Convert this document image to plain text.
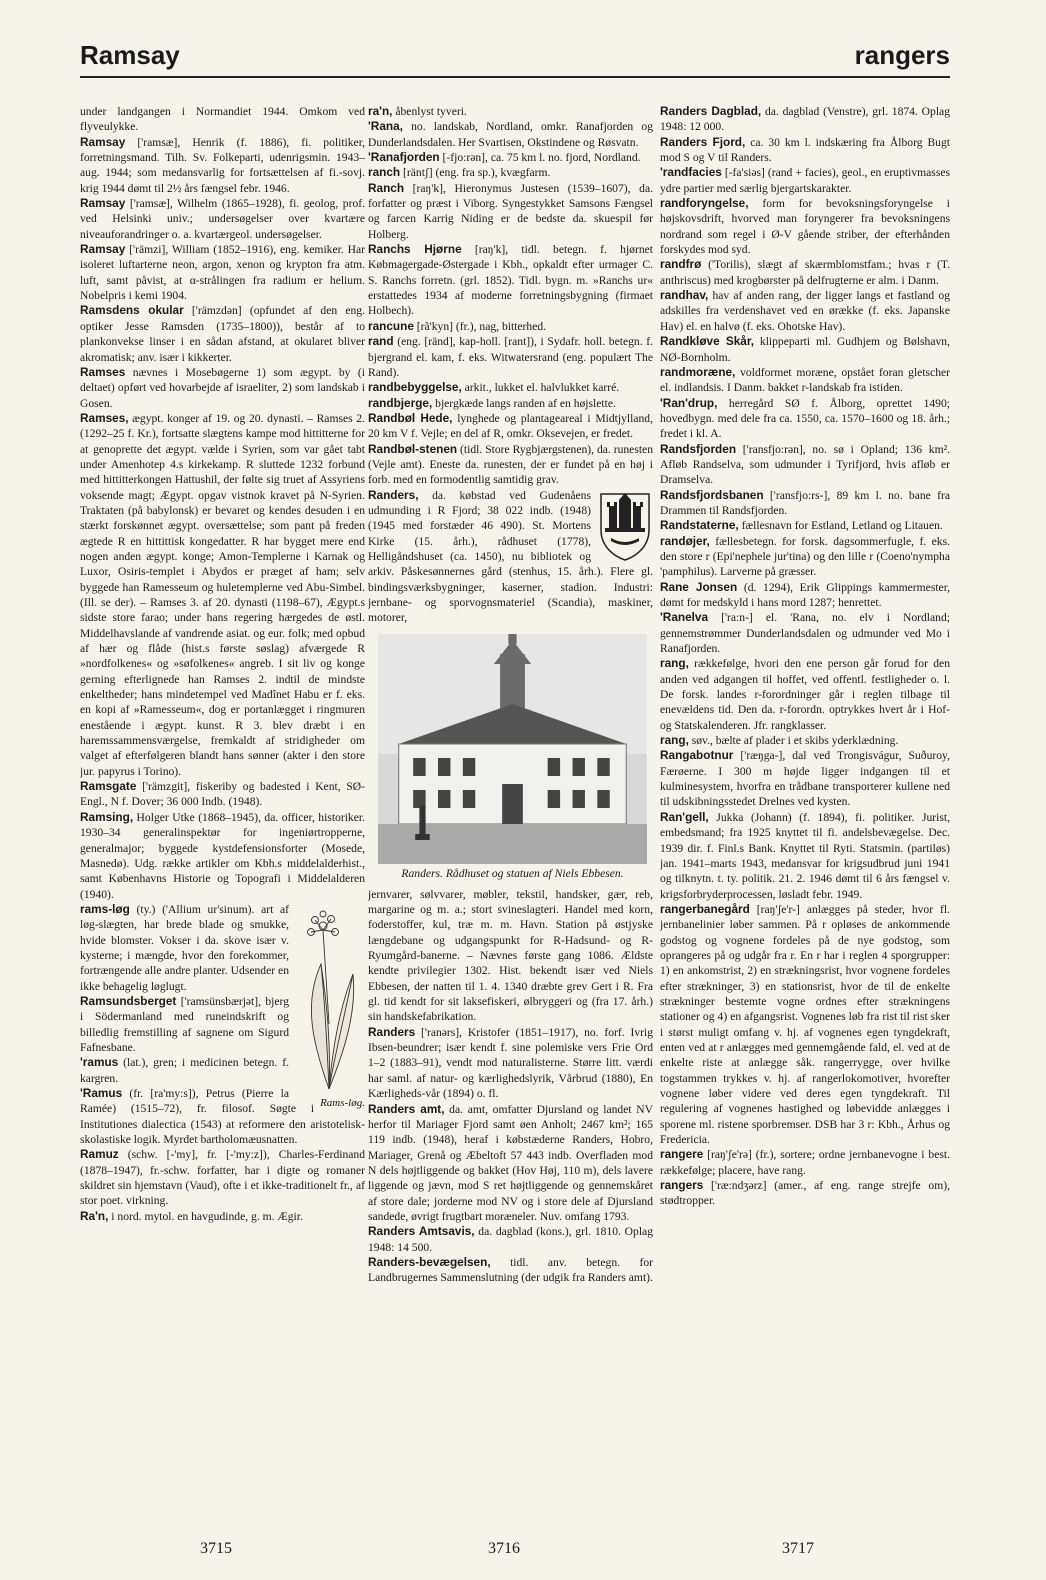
Ramsay	rangers

under landgangen i Normandiet 1944. Omkom ved flyveulykke.

Ramsay ['ramsæ], Henrik (f. 1886), fi. politiker, forretningsmand. Tilh. Sv. Folkeparti, udenrigsmin. 1943–aug. 1944; som medansvarlig for fortsættelsen af fi.-sovj. krig 1944 dømt til 2½ års fængsel febr. 1946.

Ramsay ['ramsæ], Wilhelm (1865–1928), fi. geolog, prof. ved Helsinki univ.; undersøgelser over kvartære niveauforandringer o. a. kvartærgeol. undersøgelser.

Ramsay ['rämzi], William (1852–1916), eng. kemiker. Har isoleret luftarterne neon, argon, xenon og krypton fra atm. luft, samt påvist, at α-strålingen fra radium er helium. Nobelpris i kemi 1904.

Ramsdens okular ['rämzdən] (opfundet af den eng. optiker Jesse Ramsden (1735–1800)), består af to plankonvekse linser i en sådan afstand, at okularet bliver akromatisk; anv. især i kikkerter.

Ramses nævnes i Mosebøgerne 1) som ægypt. by (i deltaet) opført ved hovarbejde af israeliter, 2) som landskab i Gosen.

Ramses, ægypt. konger af 19. og 20. dynasti. – Ramses 2. (1292–25 f. Kr.), fortsatte slægtens kampe mod hittitterne for at genoprette det ægypt. vælde i Syrien, som var gået tabt under Amenhotep 4.s kirkekamp. R sluttede 1232 forbund med hittitterkongen Hattushil, der følte sig truet af Assyriens voksende magt; Ægypt. opgav vistnok kravet på N-Syrien. Traktaten (på babylonsk) er bevaret og kendes desuden i en stærkt forskønnet ægypt. oversættelse; som pant på freden ægtede R en hittittisk kongedatter. R har bygget mere end nogen anden ægypt. konge; Amon-Templerne i Karnak og Luxor, Osiris-templet i Abydos er præget af ham; selv byggede han Ramesseum og huletemplerne ved Abu-Simbel. (Ill. se der). – Ramses 3. af 20. dynasti (1198–67), Ægypt.s sidste store farao; under hans regering hærgedes de østl. Middelhavslande af vandrende asiat. og eur. folk; med opbud af hær og flåde (hist.s første søslag) afværgede R »nordfolkenes« og »søfolkenes« angreb. I sit liv og konge gerning efterlignede han Ramses 2. indtil de mindste enkeltheder; hans mindetempel ved Madînet Habu er f. eks. en kopi af »Ramesseum«, dog er portanlægget i ringmuren enestående i ægypt. kunst. R 3. blev dræbt i en haremssammensværgelse, fremkaldt af stridigheder om valget af efterfølgeren blandt hans sønner (akter i den store jur. papyrus i Torino).

Ramsgate ['rämzgit], fiskeriby og badested i Kent, SØ-Engl., N f. Dover; 36 000 Indb. (1948).

Ramsing, Holger Utke (1868–1945), da. officer, historiker. 1930–34 generalinspektør for ingeniørtropperne, generalmajor; byggede kystdefensionsforter (Mosede, Masnedø). Udg. række artikler om Kbh.s middelalderhist., samt Københavns Historie og Topografi i Middelalderen (1940).

rams-løg (ty.) ('Allium ur'sinum). art af løg-slægten, har brede blade og smukke, hvide blomster. Vokser i da. skove især v. kysterne; i mængde, hvor den forekommer, fortrængende alle andre planter. Udsender en ikke behagelig løglugt.

Ramsundsberget ['ramsünsbærjət], bjerg i Södermanland med runeindskrift og billedlig fremstilling af sagnene om Sigurd Fafnesbane.

Rams-løg.

'ramus (lat.), gren; i medicinen betegn. f. kargren.

'Ramus (fr. [ra'my:s]), Petrus (Pierre la Ramée) (1515–72), fr. filosof. Søgte i Institutiones dialectica (1543) at reformere den aristotelisk-skolastiske logik. Myrdet bartholomæusnatten.

Ramuz (schw. [-'my], fr. [-'my:z]), Charles-Ferdinand (1878–1947), fr.-schw. forfatter, har i digte og romaner skildret sin hjemstavn (Vaud), ofte i et ikke-traditionelt fr., af stor poet. virkning.

Ra'n, i nord. mytol. en havgudinde, g. m. Ægir.

ra'n, åbenlyst tyveri.

'Rana, no. landskab, Nordland, omkr. Ranafjorden og Dunderlandsdalen. Her Svartisen, Okstindene og Røsvatn.

'Ranafjorden [-fjo:rən], ca. 75 km l. no. fjord, Nordland.

ranch [räntʃ] (eng. fra sp.), kvægfarm.

Ranch [raŋ'k], Hieronymus Justesen (1539–1607), da. forfatter og præst i Viborg. Syngestykket Samsons Fængsel og farcen Karrig Niding er de bedste da. skuespil før Holberg.

Ranchs Hjørne [raŋ'k], tidl. betegn. f. hjørnet Købmagergade-Østergade i Kbh., opkaldt efter urmager C. S. Ranchs forretn. (grl. 1852). Tidl. bygn. m. »Ranchs ur« erstattedes 1934 af moderne forretningsbygning (firmaet Holbech).

rancune [rã'kyn] (fr.), nag, bitterhed.

rand (eng. [ränd], kap-holl. [rant]), i Sydafr. holl. betegn. f. bjergrand el. kam, f. eks. Witwatersrand (eng. populært The Rand).

randbebyggelse, arkit., lukket el. halvlukket karré.

randbjerge, bjergkæde langs randen af en højslette.

Randbøl Hede, lynghede og plantageareal i Midtjylland, 20 km V f. Vejle; en del af R, omkr. Oksevejen, er fredet.

Randbøl-stenen (tidl. Store Rygbjærgstenen), da. runesten (Vejle amt). Eneste da. runesten, der er fundet på en høj i forb. med en formodentlig samtidig grav.

Randers, da. købstad ved Gudenåens udmunding i R Fjord; 38 022 indb. (1948) (1945 med forstæder 46 490). St. Mortens Kirke (15. årh.), rådhuset (1778), Helligåndshuset (ca. 1450), nu bibliotek og arkiv. Påskesønnernes gård (stenhus, 15. årh.). Flere gl. bindingsværksbygninger, kaserner, stadion. Industri: jernbane- og sporvognsmateriel (Scandia), maskiner, motorer,

Randers. Rådhuset og statuen af Niels Ebbesen.

jernvarer, sølvvarer, møbler, tekstil, handsker, gær, reb, margarine og m. a.; stort svineslagteri. Handel med korn, foderstoffer, kul, træ m. m. Havn. Station på østjyske længdebane og udgangspunkt for R-Hadsund- og R-Ryumgård-banerne. – Nævnes første gang 1086. Ældste kendte privilegier 1302. Hist. bekendt især ved Niels Ebbesen, der natten til 1. 4. 1340 dræbte grev Gert i R. Fra gl. tid kendt for sit laksefiskeri, ølbryggeri og (fra 17. årh.) sin handskefabrikation.

Randers ['ranərs], Kristofer (1851–1917), no. forf. Ivrig Ibsen-beundrer; især kendt f. sine polemiske vers Frie Ord 1–2 (1883–91), vendt mod naturalisterne. Større litt. værdi har saml. af natur- og kærlighedslyrik, Vårbrud (1880), En Kærligheds-vår (1894) o. fl.

Randers amt, da. amt, omfatter Djursland og landet NV herfor til Mariager Fjord samt øen Anholt; 2467 km²; 165 119 indb. (1948), heraf i købstæderne Randers, Hobro, Mariager, Grenå og Æbeltoft 57 443 indb. Overfladen mod N dels højtliggende og bakket (Hov Høj, 110 m), dels lavere liggende og jævn, mod S ret højtliggende og gennemskåret af store dale; jorderne mod NV og i store dele af Djursland sandede, øvrigt frugtbart moræneler. Nuv. omfang 1793.

Randers Amtsavis, da. dagblad (kons.), grl. 1810. Oplag 1948: 14 500.

Randers-bevægelsen, tidl. anv. betegn. for Landbrugernes Sammenslutning (der udgik fra Randers amt).

Randers Dagblad, da. dagblad (Venstre), grl. 1874. Oplag 1948: 12 000.

Randers Fjord, ca. 30 km l. indskæring fra Ålborg Bugt mod S og V til Randers.

'randfacies [-fa'siəs] (rand + facies), geol., en eruptivmasses ydre partier med særlig bjergartskarakter.

randforyngelse, form for bevoksningsforyngelse i højskovsdrift, hvorved man foryngerer fra bevoksningens nordrand som regel i Ø-V gående striber, der efterhånden forskydes mod syd.

randfrø ('Torilis), slægt af skærmblomstfam.; hvas r (T. anthriscus) med krogbørster på delfrugterne er alm. i Danm.

randhav, hav af anden rang, der ligger langs et fastland og adskilles fra verdenshavet ved en ørække (f. eks. Japanske Hav) el. en halvø (f. eks. Ohotske Hav).

Randkløve Skår, klippeparti ml. Gudhjem og Bølshavn, NØ-Bornholm.

randmoræne, voldformet moræne, opstået foran gletscher el. indlandsis. I Danm. bakket r-landskab fra istiden.

'Ran'drup, herregård SØ f. Ålborg, oprettet 1490; hovedbygn. med dele fra ca. 1550, ca. 1570–1600 og 18. årh.; fredet i kl. A.

Randsfjorden ['ransfjo:rən], no. sø i Opland; 136 km². Afløb Randselva, som udmunder i Tyrifjord, hvis afløb er Dramselva.

Randsfjordsbanen ['ransfjo:rs-], 89 km l. no. bane fra Drammen til Randsfjorden.

Randstaterne, fællesnavn for Estland, Letland og Litauen.

randøjer, fællesbetegn. for forsk. dagsommerfugle, f. eks. den store r (Epi'nephele jur'tina) og den lille r (Coeno'nympha 'pamphilus). Larverne på græsser.

Rane Jonsen (d. 1294), Erik Glippings kammermester, dømt for medskyld i hans mord 1287; henrettet.

'Ranelva ['ra:n-] el. 'Rana, no. elv i Nordland; gennemstrømmer Dunderlandsdalen og udmunder ved Mo i Ranafjorden.

rang, rækkefølge, hvori den ene person går forud for den anden ved adgangen til hoffet, ved offentl. festligheder o. l. De forsk. landes r-forordninger går i reglen tilbage til enevældens tid. Den da. r-forordn. optrykkes hvert år i Hof- og Statskalenderen. Jfr. rangklasser.

rang, søv., bælte af plader i et skibs yderklædning.

Rangabotnur ['ræŋga-], dal ved Trongisvágur, Suðuroy, Færøerne. I 300 m højde ligger indgangen til et kulminesystem, hvorfra en trådbane transporterer kullene ned til udskibningsstedet Drelnes ved kysten.

Ran'gell, Jukka (Johann) (f. 1894), fi. politiker. Jurist, embedsmand; fra 1925 knyttet til fi. andelsbevægelse. Dec. 1939 dir. f. Finl.s Bank. Knyttet til Ryti. Statsmin. (partiløs) jan. 1941–marts 1943, medansvar for krigsudbrud juni 1941 og tilknytn. t. ty. politik. 21. 2. 1946 dømt til 6 års fængsel v. krigsforbryderprocessen, løsladt febr. 1949.

rangerbanegård [raŋ'ʃe'r-] anlægges på steder, hvor fl. jernbanelinier løber sammen. På r opløses de ankommende godstog og vognene fordeles på de nye godstog, som oprangeres på og udgår fra r. En r har i reglen 4 sporgrupper: 1) en ankomstrist, 2) en strækningsrist, hvor vognene fordeles efter strækninger, 3) en stationsrist, hvor de til de enkelte strækninger bestemte vogne ordnes efter strækningens stationer og 4) en afgangsrist. Vognenes løb fra rist til rist sker i størst muligt omfang v. hj. af vognenes egen tyngdekraft, enten ved at r anlægges med gennemgående fald, el. ved at de enkelte riste at anlægge såk. rangerrygge, over hvilke togstammen trykkes v. hj. af rangerlokomotiver, hvorefter vognene løber videre ved deres egen tyngdekraft. Til regulering af vognenes hastighed og løbevidde anlægges i sporene ml. ristene sporbremser. DSB har 3 r: Kbh., Århus og Fredericia.

rangere [raŋ'ʃe'rə] (fr.), sortere; ordne jernbanevogne i best. rækkefølge; placere, have rang.

rangers ['ræ:ndʒərz] (amer., af eng. range strejfe om), stødtropper.

3715	3716	3717
